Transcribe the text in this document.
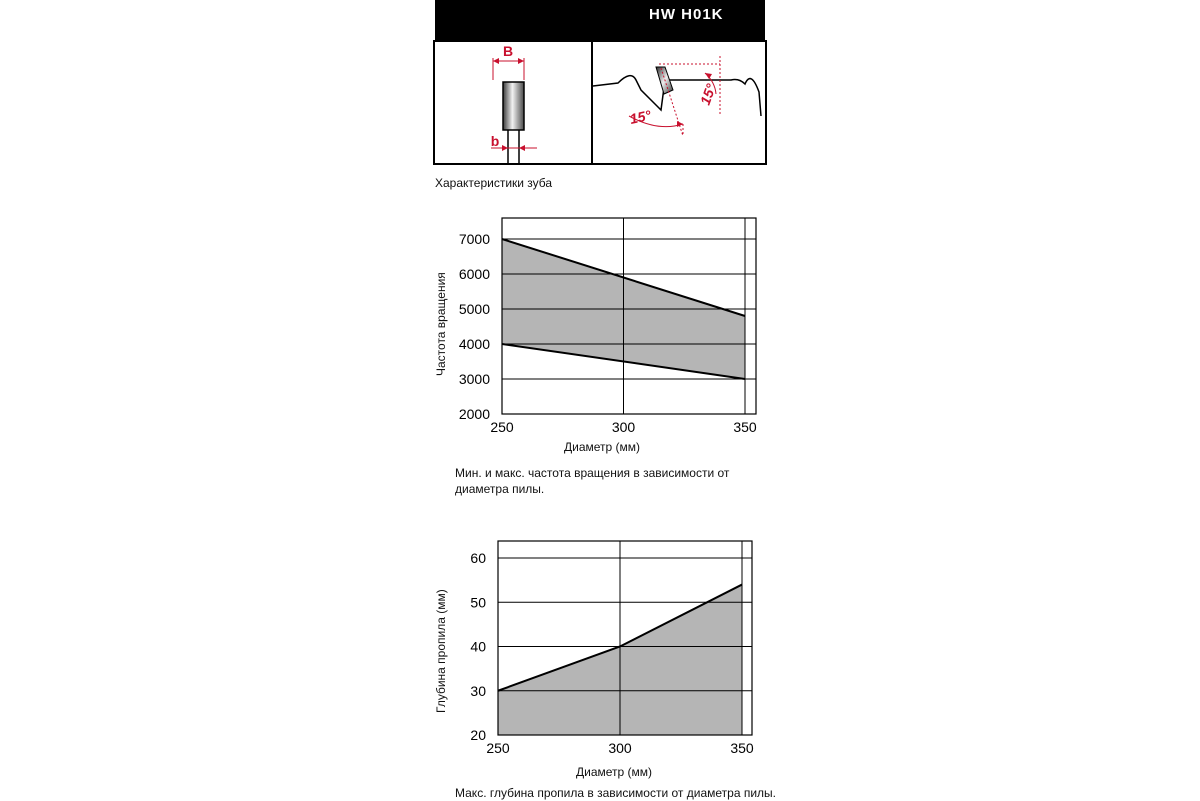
HW H01K
B
b
15°
15°
Характеристики зуба
2000
3000
4000
5000
6000
7000
250	300	350
Частота вращения
Диаметр (мм)
Мин. и макс. частота вращения в зависимости от диаметра пилы.
20
30
40
50
60
250	300	350
Глубина пропила (мм)
Диаметр (мм)
Макс. глубина пропила в зависимости от диаметра пилы.
